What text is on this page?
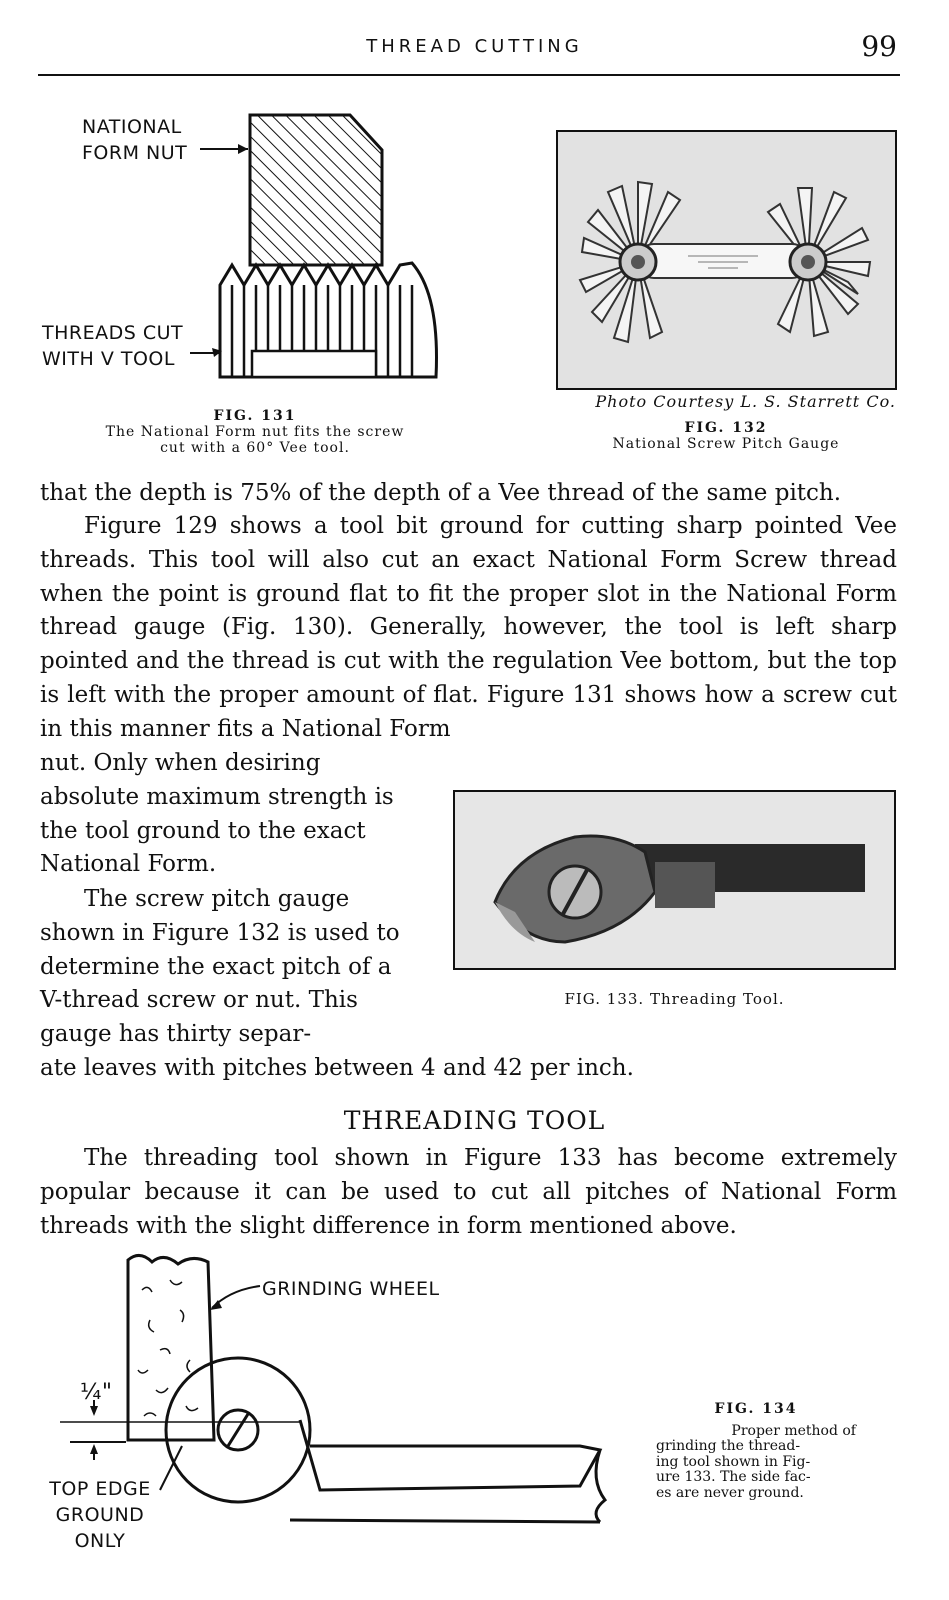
THREAD CUTTING	99
NATIONAL
FORM NUT
THREADS CUT
WITH V TOOL
FIG. 131
The National Form nut fits the screw
cut with a 60° Vee tool.
Photo Courtesy L. S. Starrett Co.
FIG. 132
National Screw Pitch Gauge

that the depth is 75% of the depth of a Vee thread of the same pitch.

Figure 129 shows a tool bit ground for cutting sharp pointed Vee threads. This tool will also cut an exact National Form Screw thread when the point is ground flat to fit the proper slot in the National Form thread gauge (Fig. 130). Generally, however, the tool is left sharp pointed and the thread is cut with the regulation Vee bottom, but the top is left with the proper amount of flat. Figure 131 shows how a screw cut in this manner fits a National Form

nut. Only when desiring absolute maximum strength is the tool ground to the exact National Form.

The screw pitch gauge shown in Figure 132 is used to determine the exact pitch of a V-thread screw or nut. This gauge has thirty separ-

ate leaves with pitches between 4 and 42 per inch.

FIG. 133. Threading Tool.
THREADING TOOL

The threading tool shown in Figure 133 has become extremely popular because it can be used to cut all pitches of National Form threads with the slight difference in form mentioned above.

GRINDING WHEEL
¼"
TOP EDGE
GROUND
ONLY
FIG. 134
Proper method of
grinding the thread-
ing tool shown in Fig-
ure 133. The side fac-
es are never ground.
